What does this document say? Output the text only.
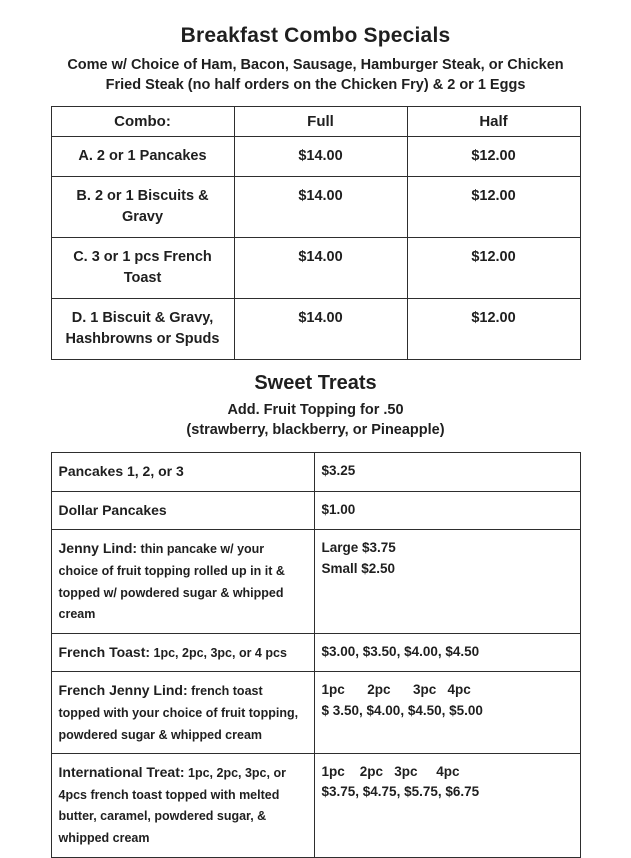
Breakfast Combo Specials
Come w/ Choice of Ham, Bacon, Sausage, Hamburger Steak, or Chicken
Fried Steak (no half orders on the Chicken Fry) & 2 or 1 Eggs
Combo:	Full	Half
A. 2 or 1 Pancakes	$14.00	$12.00
B. 2 or 1 Biscuits & Gravy	$14.00	$12.00
C. 3 or 1 pcs French Toast	$14.00	$12.00
D. 1 Biscuit & Gravy, Hashbrowns or Spuds	$14.00	$12.00
Sweet Treats
Add. Fruit Topping for .50
(strawberry, blackberry, or Pineapple)
Pancakes 1, 2, or 3	$3.25

Dollar Pancakes	$1.00

Jenny Lind: thin pancake w/ your choice of fruit topping rolled up in it & topped w/ powdered sugar & whipped cream	Large $3.75
Small $2.50

French Toast: 1pc, 2pc, 3pc, or 4 pcs	$3.00, $3.50, $4.00, $4.50

French Jenny Lind: french toast topped with your choice of fruit topping, powdered sugar & whipped cream	1pc      2pc      3pc   4pc
$ 3.50, $4.00, $4.50, $5.00

International Treat: 1pc, 2pc, 3pc, or 4pcs french toast topped with melted butter, caramel, powdered sugar, & whipped cream	1pc    2pc   3pc     4pc
$3.75, $4.75, $5.75, $6.75
